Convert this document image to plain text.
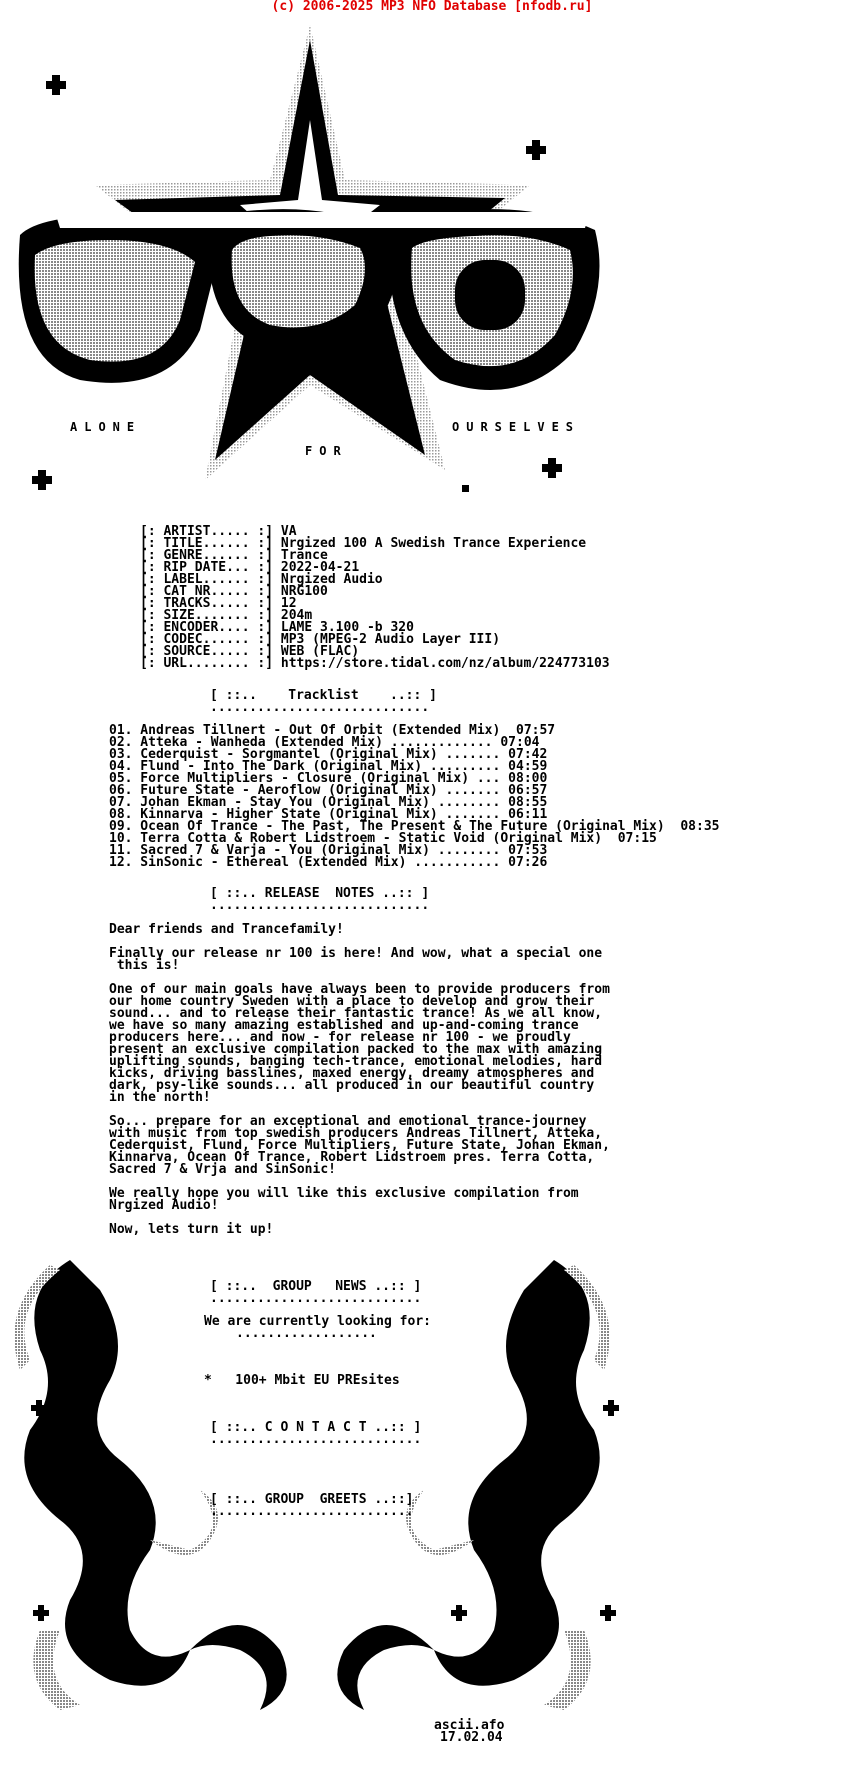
(c) 2006-2025 MP3 NFO Database [nfodb.ru]
ALONE
FOR
OURSELVES
[: ARTIST..... :] VA
[: TITLE...... :] Nrgized 100 A Swedish Trance Experience
[: GENRE...... :] Trance
[: RIP DATE... :] 2022-04-21
[: LABEL...... :] Nrgized Audio
[: CAT NR..... :] NRG100
[: TRACKS..... :] 12
[: SIZE....... :] 204m
[: ENCODER.... :] LAME 3.100 -b 320
[: CODEC...... :] MP3 (MPEG-2 Audio Layer III)
[: SOURCE..... :] WEB (FLAC)
[: URL........ :] https://store.tidal.com/nz/album/224773103
[ ::..    Tracklist    ..:: ]
............................
01. Andreas Tillnert - Out Of Orbit (Extended Mix)  07:57
02. Atteka - Wanheda (Extended Mix) ............. 07:04
03. Cederquist - Sorgmantel (Original Mix) ....... 07:42
04. Flund - Into The Dark (Original Mix) ......... 04:59
05. Force Multipliers - Closure (Original Mix) ... 08:00
06. Future State - Aeroflow (Original Mix) ....... 06:57
07. Johan Ekman - Stay You (Original Mix) ........ 08:55
08. Kinnarva - Higher State (Original Mix) ....... 06:11
09. Ocean Of Trance - The Past, The Present & The Future (Original Mix)  08:35
10. Terra Cotta & Robert Lidstroem - Static Void (Original Mix)  07:15
11. Sacred 7 & Varja - You (Original Mix) ........ 07:53
12. SinSonic - Ethereal (Extended Mix) ........... 07:26
[ ::.. RELEASE  NOTES ..:: ]
............................
Dear friends and Trancefamily!
Finally our release nr 100 is here! And wow, what a special one
this is!
One of our main goals have always been to provide producers from
our home country Sweden with a place to develop and grow their
sound... and to release their fantastic trance! As we all know,
we have so many amazing established and up-and-coming trance
producers here... and now - for release nr 100 - we proudly
present an exclusive compilation packed to the max with amazing
uplifting sounds, banging tech-trance, emotional melodies, hard
kicks, driving basslines, maxed energy, dreamy atmospheres and
dark, psy-like sounds... all produced in our beautiful country
in the north!
So... prepare for an exceptional and emotional trance-journey
with music from top swedish producers Andreas Tillnert, Atteka,
Cederquist, Flund, Force Multipliers, Future State, Johan Ekman,
Kinnarva, Ocean Of Trance, Robert Lidstroem pres. Terra Cotta,
Sacred 7 & Vrja and SinSonic!
We really hope you will like this exclusive compilation from
Nrgized Audio!
Now, lets turn it up!
[ ::..  GROUP   NEWS ..:: ]
...........................
We are currently looking for:
..................
*   100+ Mbit EU PREsites
[ ::.. C O N T A C T ..:: ]
...........................
[ ::.. GROUP  GREETS ..::]
..........................
ascii.afo
17.02.04
